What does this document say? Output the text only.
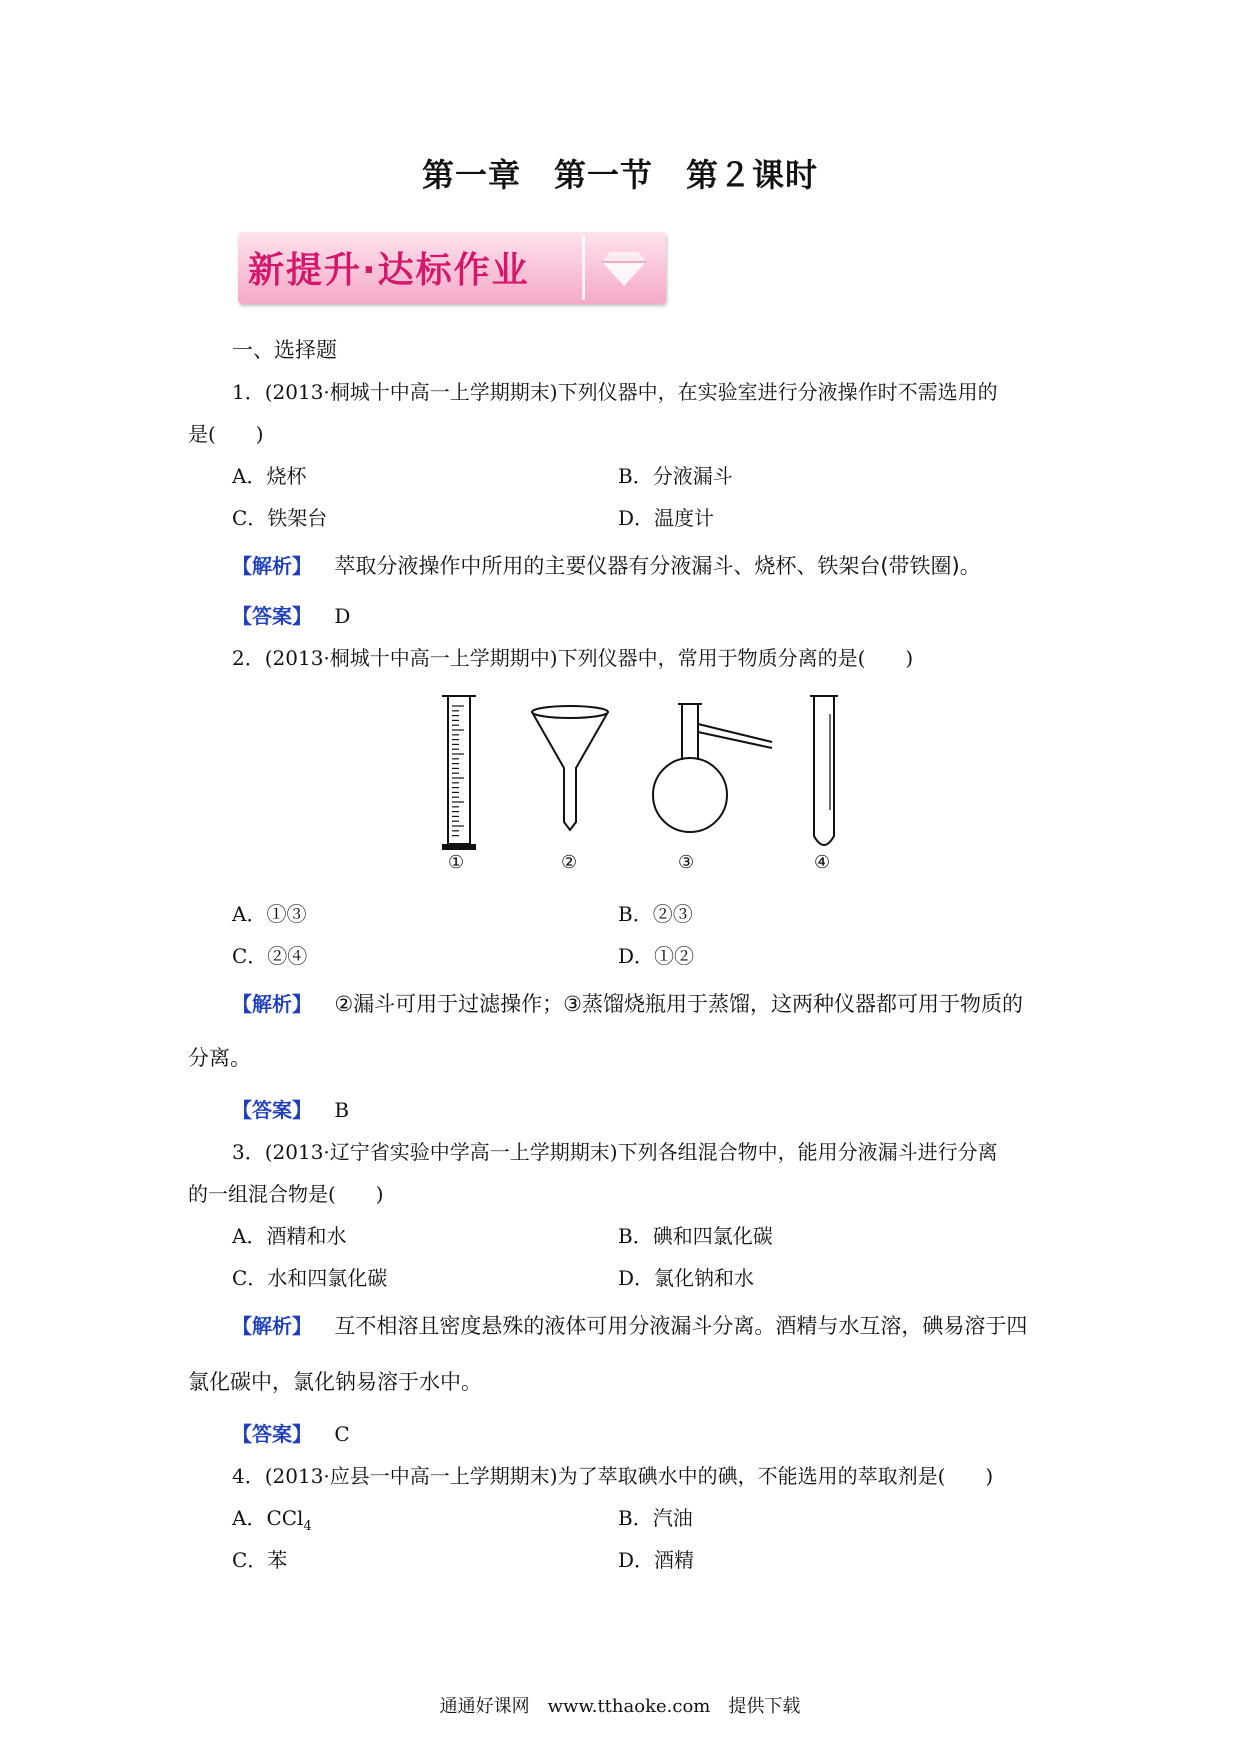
第一章　第一节　第２课时
新提升·达标作业
一、选择题
1．(2013·桐城十中高一上学期期末)下列仪器中，在实验室进行分液操作时不需选用的
是(　　)
A．烧杯	B．分液漏斗
C．铁架台	D．温度计
【解析】 萃取分液操作中所用的主要仪器有分液漏斗、烧杯、铁架台(带铁圈)。
【答案】 D
2．(2013·桐城十中高一上学期期中)下列仪器中，常用于物质分离的是(　　)
①	②	③	④
A．①③	B．②③
C．②④	D．①②
【解析】 ②漏斗可用于过滤操作；③蒸馏烧瓶用于蒸馏，这两种仪器都可用于物质的
分离。
【答案】 B
3．(2013·辽宁省实验中学高一上学期期末)下列各组混合物中，能用分液漏斗进行分离
的一组混合物是(　　)
A．酒精和水	B．碘和四氯化碳
C．水和四氯化碳	D．氯化钠和水
【解析】 互不相溶且密度悬殊的液体可用分液漏斗分离。酒精与水互溶，碘易溶于四
氯化碳中，氯化钠易溶于水中。
【答案】 C
4．(2013·应县一中高一上学期期末)为了萃取碘水中的碘，不能选用的萃取剂是(　　)
A．CCl$_4$	B．汽油
C．苯	D．酒精
通通好课网　www.tthaoke.com　提供下载
